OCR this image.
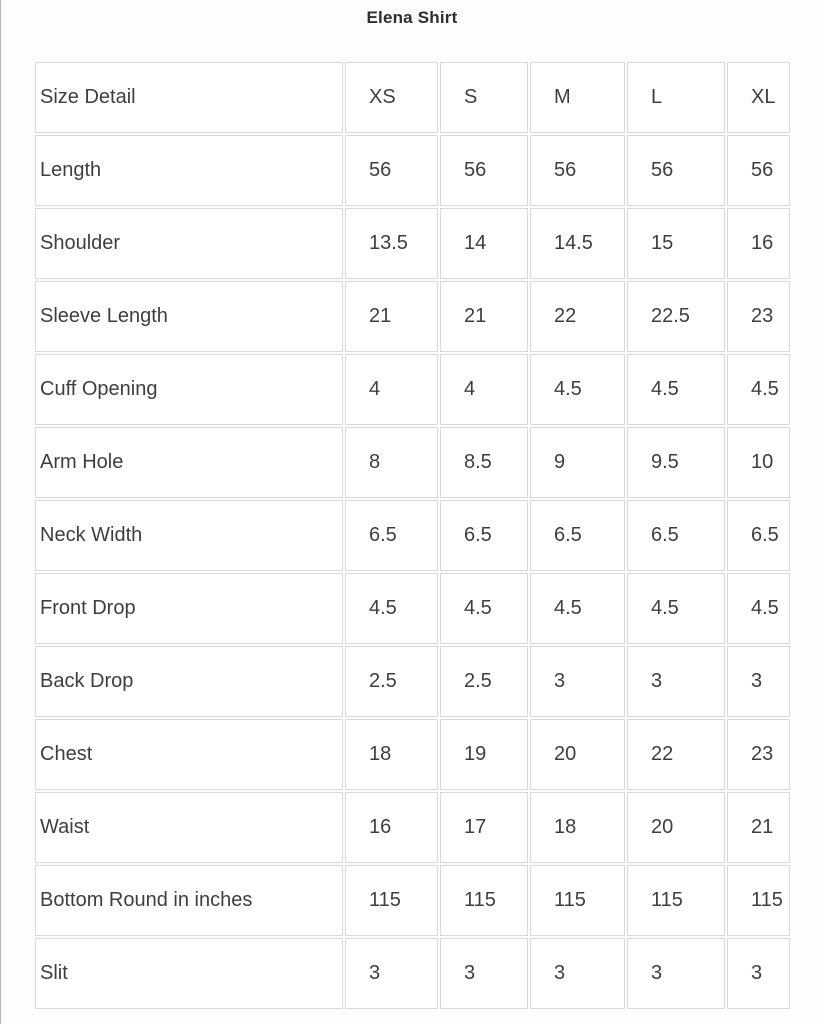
Elena Shirt
Size Detail	XS	S	M	L	XL
Length	56	56	56	56	56
Shoulder	13.5	14	14.5	15	16
Sleeve Length	21	21	22	22.5	23
Cuff Opening	4	4	4.5	4.5	4.5
Arm Hole	8	8.5	9	9.5	10
Neck Width	6.5	6.5	6.5	6.5	6.5
Front Drop	4.5	4.5	4.5	4.5	4.5
Back Drop	2.5	2.5	3	3	3
Chest	18	19	20	22	23
Waist	16	17	18	20	21
Bottom Round in inches	115	115	115	115	115
Slit	3	3	3	3	3
